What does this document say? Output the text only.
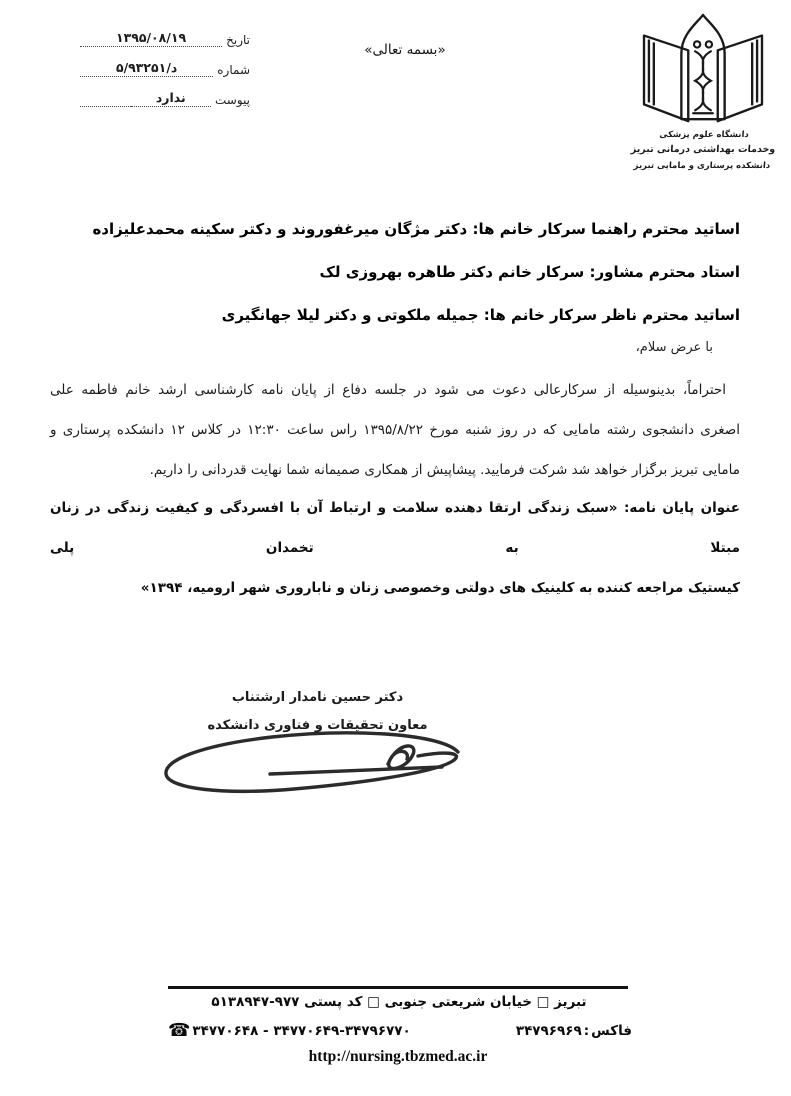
تاریخ
۱۳۹۵/۰۸/۱۹
شماره
۵/د/۹۳۲۵۱
پیوست
ندارد
«بسمه تعالی»
دانشگاه علوم پزشکی
وخدمات بهداشتی درمانی تبریز
دانشکده پرستاری و مامایی تبریز
اساتید محترم راهنما سرکار خانم ها: دکتر مژگان میرغفوروند و دکتر سکینه محمدعلیزاده
استاد محترم مشاور: سرکار خانم دکتر طاهره بهروزی لک
اساتید محترم ناظر سرکار خانم ها: جمیله ملکوتی و دکتر لیلا جهانگیری
با عرض سلام،
احتراماً، بدینوسیله از سرکارعالی دعوت می شود در جلسه دفاع از پایان نامه کارشناسی ارشد خانم فاطمه علی
اصغری دانشجوی رشته مامایی که در روز شنبه مورخ ۱۳۹۵/۸/۲۲ راس ساعت ۱۲:۳۰ در کلاس ۱۲ دانشکده پرستاری و
مامایی تبریز برگزار خواهد شد شرکت فرمایید. پیشاپیش از همکاری صمیمانه شما نهایت قدردانی را داریم.
عنوان پایان نامه: «سبک زندگی ارتقا دهنده سلامت و ارتباط آن با افسردگی و کیفیت زندگی در زنان مبتلا به تخمدان پلی
کیستیک مراجعه کننده به کلینیک های دولتی وخصوصی زنان و ناباروری شهر ارومیه، ۱۳۹۴»
دکتر حسین نامدار ارشتناب
معاون تحقیقات و فناوری دانشکده
تبریز □ خیابان شریعتی جنوبی □ کد پستی ۵۱۳۸۹۴۷-۹۷۷
☎ ۳۴۷۷۰۶۴۸ - ۳۴۷۷۰۶۴۹-۳۴۷۹۶۷۷۰	۳۴۷۹۶۹۶۹ : فاکس
http://nursing.tbzmed.ac.ir
